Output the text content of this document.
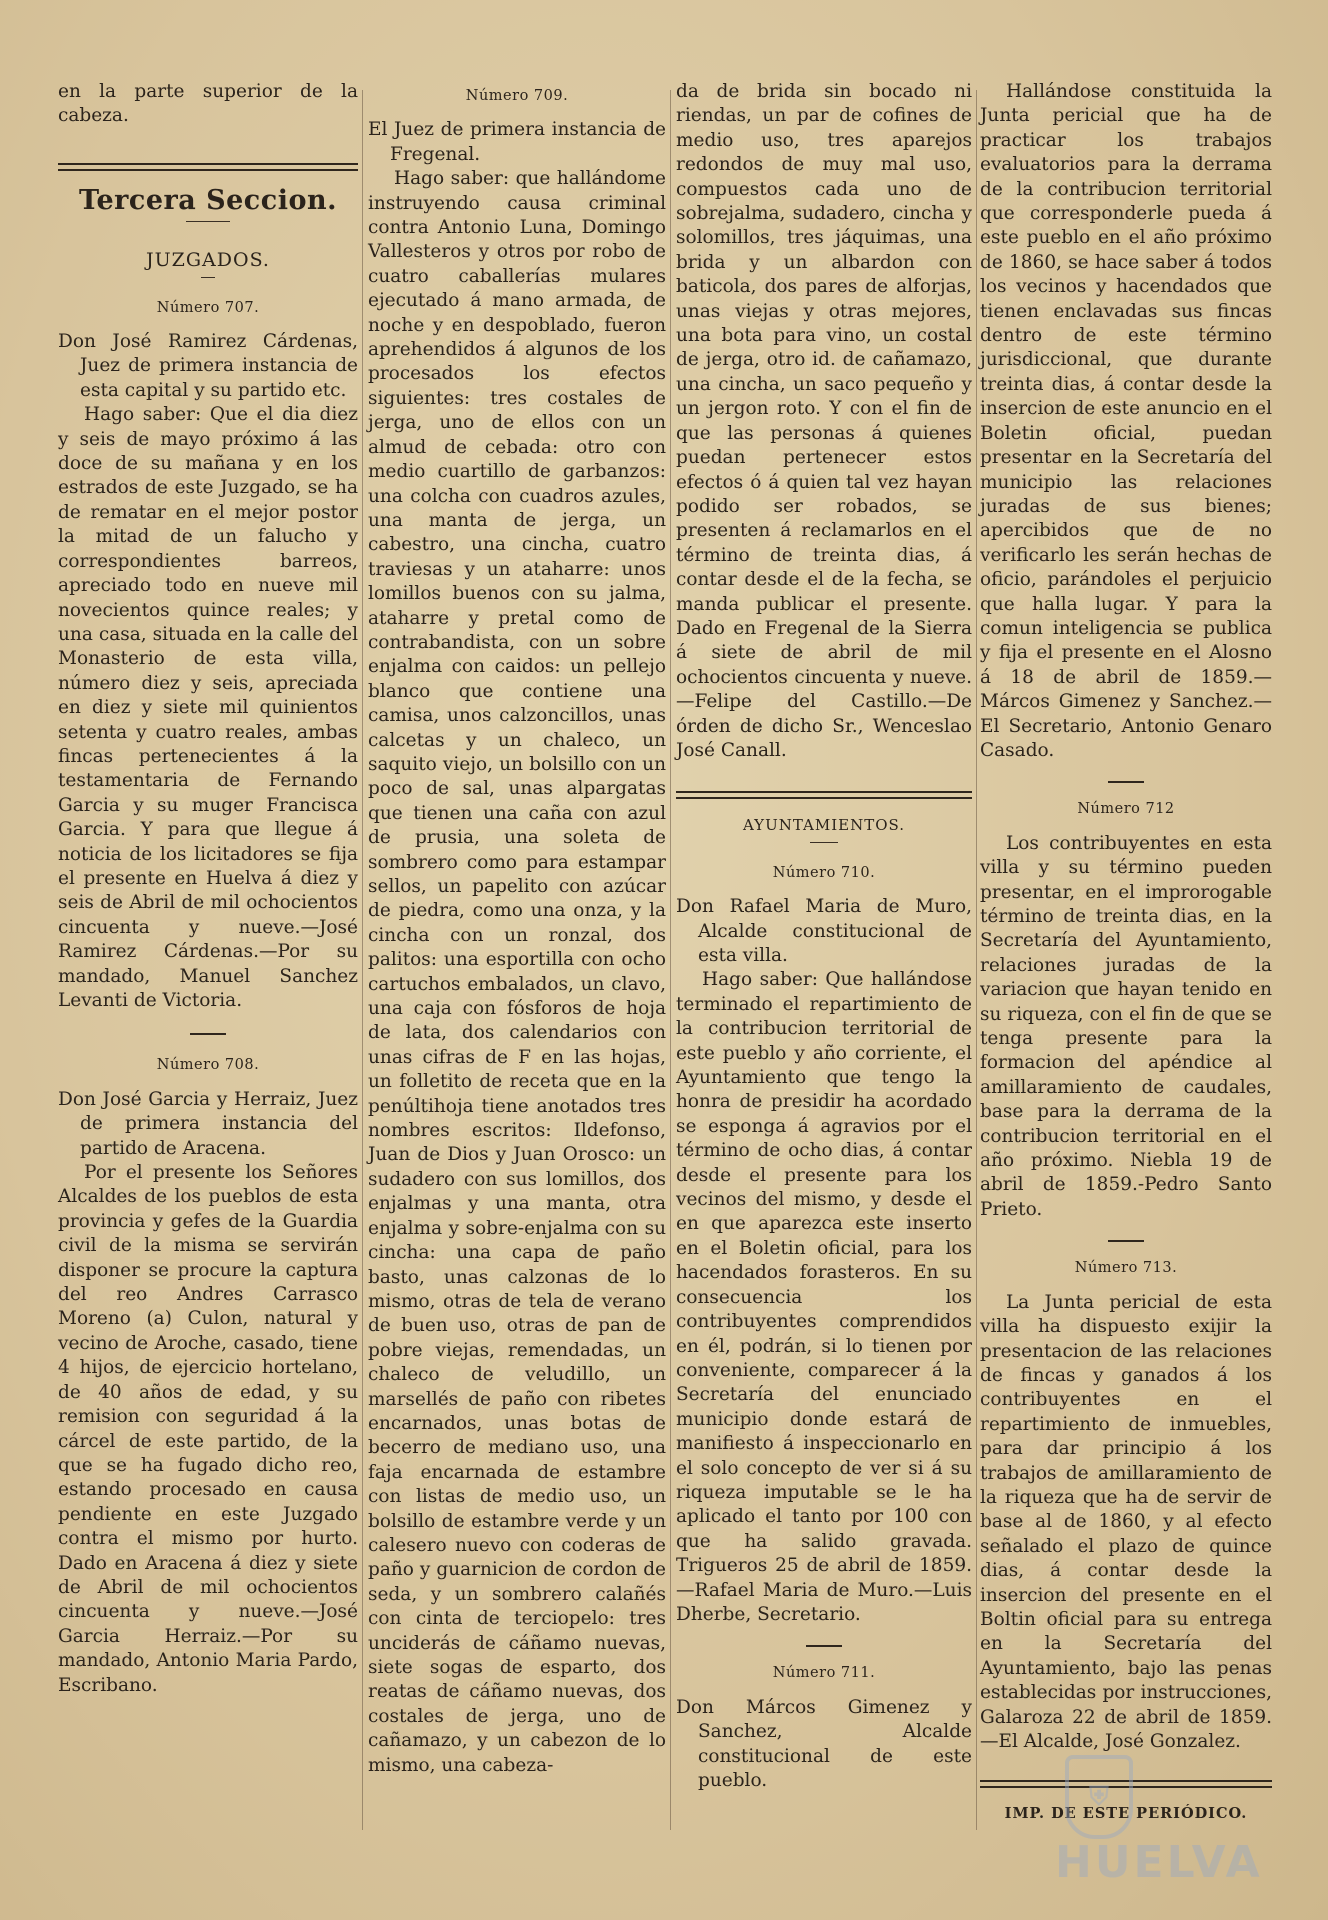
en la parte superior de la cabeza.

Tercera Seccion.
JUZGADOS.
Número 707.

Don José Ramirez Cárdenas, Juez de primera instancia de esta capital y su partido etc.

Hago saber: Que el dia diez y seis de mayo próximo á las doce de su mañana y en los estrados de este Juzgado, se ha de rematar en el mejor postor la mitad de un falucho y correspondientes barreos, apreciado todo en nueve mil novecientos quince reales; y una casa, situada en la calle del Monasterio de esta villa, número diez y seis, apreciada en diez y siete mil quinientos setenta y cuatro reales, ambas fincas pertenecientes á la testamentaria de Fernando Garcia y su muger Francisca Garcia. Y para que llegue á noticia de los licitadores se fija el presente en Huelva á diez y seis de Abril de mil ochocientos cincuenta y nueve.—José Ramirez Cárdenas.—Por su mandado, Manuel Sanchez Levanti de Victoria.

Número 708.

Don José Garcia y Herraiz, Juez de primera instancia del partido de Aracena.

Por el presente los Señores Alcaldes de los pueblos de esta provincia y gefes de la Guardia civil de la misma se servirán disponer se procure la captura del reo Andres Carrasco Moreno (a) Culon, natural y vecino de Aroche, casado, tiene 4 hijos, de ejercicio hortelano, de 40 años de edad, y su remision con seguridad á la cárcel de este partido, de la que se ha fugado dicho reo, estando procesado en causa pendiente en este Juzgado contra el mismo por hurto. Dado en Aracena á diez y siete de Abril de mil ochocientos cincuenta y nueve.—José Garcia Herraiz.—Por su mandado, Antonio Maria Pardo, Escribano.

Número 709.

El Juez de primera instancia de Fregenal.

Hago saber: que hallándome instruyendo causa criminal contra Antonio Luna, Domingo Vallesteros y otros por robo de cuatro caballerías mulares ejecutado á mano armada, de noche y en despoblado, fueron aprehendidos á algunos de los procesados los efectos siguientes: tres costales de jerga, uno de ellos con un almud de cebada: otro con medio cuartillo de garbanzos: una colcha con cuadros azules, una manta de jerga, un cabestro, una cincha, cuatro traviesas y un ataharre: unos lomillos buenos con su jalma, ataharre y pretal como de contrabandista, con un sobre enjalma con caidos: un pellejo blanco que contiene una camisa, unos calzoncillos, unas calcetas y un chaleco, un saquito viejo, un bolsillo con un poco de sal, unas alpargatas que tienen una caña con azul de prusia, una soleta de sombrero como para estampar sellos, un papelito con azúcar de piedra, como una onza, y la cincha con un ronzal, dos palitos: una esportilla con ocho cartuchos embalados, un clavo, una caja con fósforos de hoja de lata, dos calendarios con unas cifras de F en las hojas, un folletito de receta que en la penúltihoja tiene anotados tres nombres escritos: Ildefonso, Juan de Dios y Juan Orosco: un sudadero con sus lomillos, dos enjalmas y una manta, otra enjalma y sobre-enjalma con su cincha: una capa de paño basto, unas calzonas de lo mismo, otras de tela de verano de buen uso, otras de pan de pobre viejas, remendadas, un chaleco de veludillo, un marsellés de paño con ribetes encarnados, unas botas de becerro de mediano uso, una faja encarnada de estambre con listas de medio uso, un bolsillo de estambre verde y un calesero nuevo con coderas de paño y guarnicion de cordon de seda, y un sombrero calañés con cinta de terciopelo: tres unciderás de cáñamo nuevas, siete sogas de esparto, dos reatas de cáñamo nuevas, dos costales de jerga, uno de cañamazo, y un cabezon de lo mismo, una cabeza-

da de brida sin bocado ni riendas, un par de cofines de medio uso, tres aparejos redondos de muy mal uso, compuestos cada uno de sobrejalma, sudadero, cincha y solomillos, tres jáquimas, una brida y un albardon con baticola, dos pares de alforjas, unas viejas y otras mejores, una bota para vino, un costal de jerga, otro id. de cañamazo, una cincha, un saco pequeño y un jergon roto. Y con el fin de que las personas á quienes puedan pertenecer estos efectos ó á quien tal vez hayan podido ser robados, se presenten á reclamarlos en el término de treinta dias, á contar desde el de la fecha, se manda publicar el presente. Dado en Fregenal de la Sierra á siete de abril de mil ochocientos cincuenta y nueve.—Felipe del Castillo.—De órden de dicho Sr., Wenceslao José Canall.

AYUNTAMIENTOS.
Número 710.

Don Rafael Maria de Muro, Alcalde constitucional de esta villa.

Hago saber: Que hallándose terminado el repartimiento de la contribucion territorial de este pueblo y año corriente, el Ayuntamiento que tengo la honra de presidir ha acordado se esponga á agravios por el término de ocho dias, á contar desde el presente para los vecinos del mismo, y desde el en que aparezca este inserto en el Boletin oficial, para los hacendados forasteros. En su consecuencia los contribuyentes comprendidos en él, podrán, si lo tienen por conveniente, comparecer á la Secretaría del enunciado municipio donde estará de manifiesto á inspeccionarlo en el solo concepto de ver si á su riqueza imputable se le ha aplicado el tanto por 100 con que ha salido gravada. Trigueros 25 de abril de 1859.—Rafael Maria de Muro.—Luis Dherbe, Secretario.

Número 711.

Don Márcos Gimenez y Sanchez, Alcalde constitucional de este pueblo.

Hallándose constituida la Junta pericial que ha de practicar los trabajos evaluatorios para la derrama de la contribucion territorial que corresponderle pueda á este pueblo en el año próximo de 1860, se hace saber á todos los vecinos y hacendados que tienen enclavadas sus fincas dentro de este término jurisdiccional, que durante treinta dias, á contar desde la insercion de este anuncio en el Boletin oficial, puedan presentar en la Secretaría del municipio las relaciones juradas de sus bienes; apercibidos que de no verificarlo les serán hechas de oficio, parándoles el perjuicio que halla lugar. Y para la comun inteligencia se publica y fija el presente en el Alosno á 18 de abril de 1859.—Márcos Gimenez y Sanchez.—El Secretario, Antonio Genaro Casado.

Número 712

Los contribuyentes en esta villa y su término pueden presentar, en el improrogable término de treinta dias, en la Secretaría del Ayuntamiento, relaciones juradas de la variacion que hayan tenido en su riqueza, con el fin de que se tenga presente para la formacion del apéndice al amillaramiento de caudales, base para la derrama de la contribucion territorial en el año próximo. Niebla 19 de abril de 1859.-Pedro Santo Prieto.

Número 713.

La Junta pericial de esta villa ha dispuesto exijir la presentacion de las relaciones de fincas y ganados á los contribuyentes en el repartimiento de inmuebles, para dar principio á los trabajos de amillaramiento de la riqueza que ha de servir de base al de 1860, y al efecto señalado el plazo de quince dias, á contar desde la insercion del presente en el Boltin oficial para su entrega en la Secretaría del Ayuntamiento, bajo las penas establecidas por instrucciones, Galaroza 22 de abril de 1859.—El Alcalde, José Gonzalez.

IMP. DE ESTE PERIÓDICO.
⛨
HUELVA
